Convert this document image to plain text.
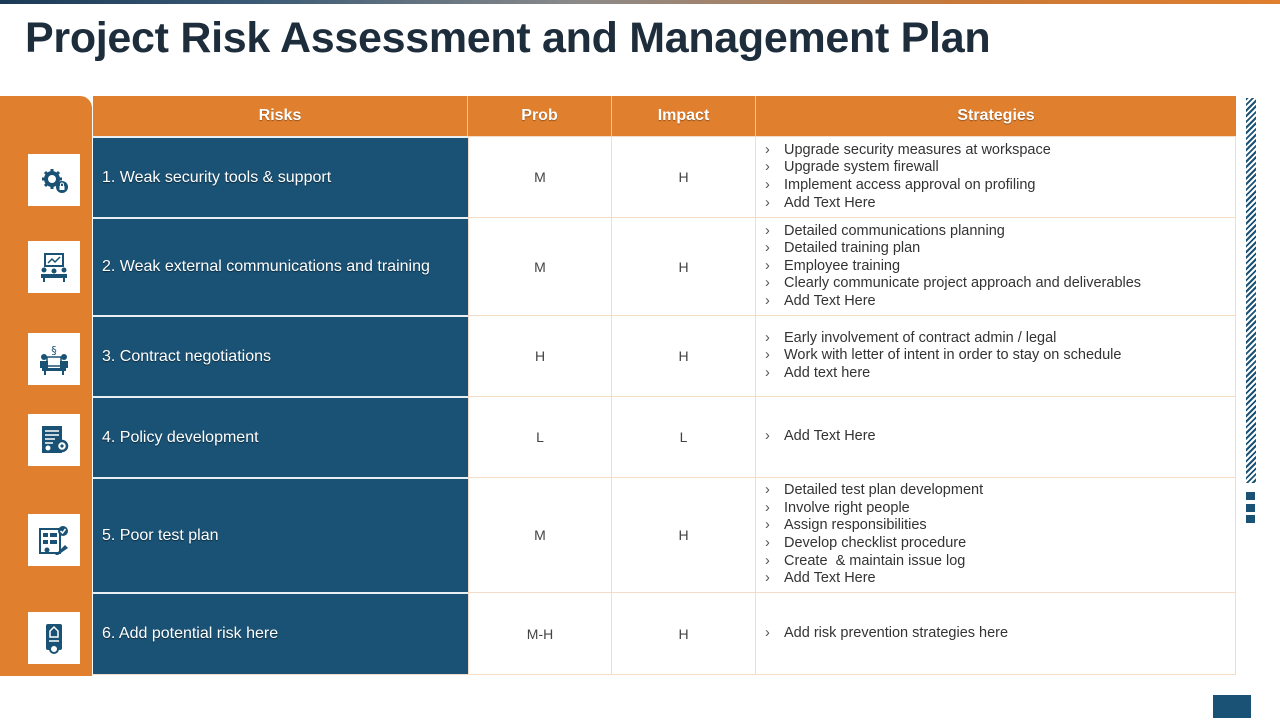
Project Risk Assessment and Management Plan
§
Risks	Prob	Impact	Strategies
1. Weak security tools & support	M	H
› Upgrade security measures at workspace
› Upgrade system firewall
› Implement access approval on profiling
› Add Text Here
2. Weak external communications and training	M	H
› Detailed communications planning
› Detailed training plan
› Employee training
› Clearly communicate project approach and deliverables
› Add Text Here
3. Contract negotiations	H	H
› Early involvement of contract admin / legal
› Work with letter of intent in order to stay on schedule
› Add text here
4. Policy development	L	L	› Add Text Here
5. Poor test plan	M	H
› Detailed test plan development
› Involve right people
› Assign responsibilities
› Develop checklist procedure
› Create  & maintain issue log
› Add Text Here
6. Add potential risk here	M-H	H	› Add risk prevention strategies here
